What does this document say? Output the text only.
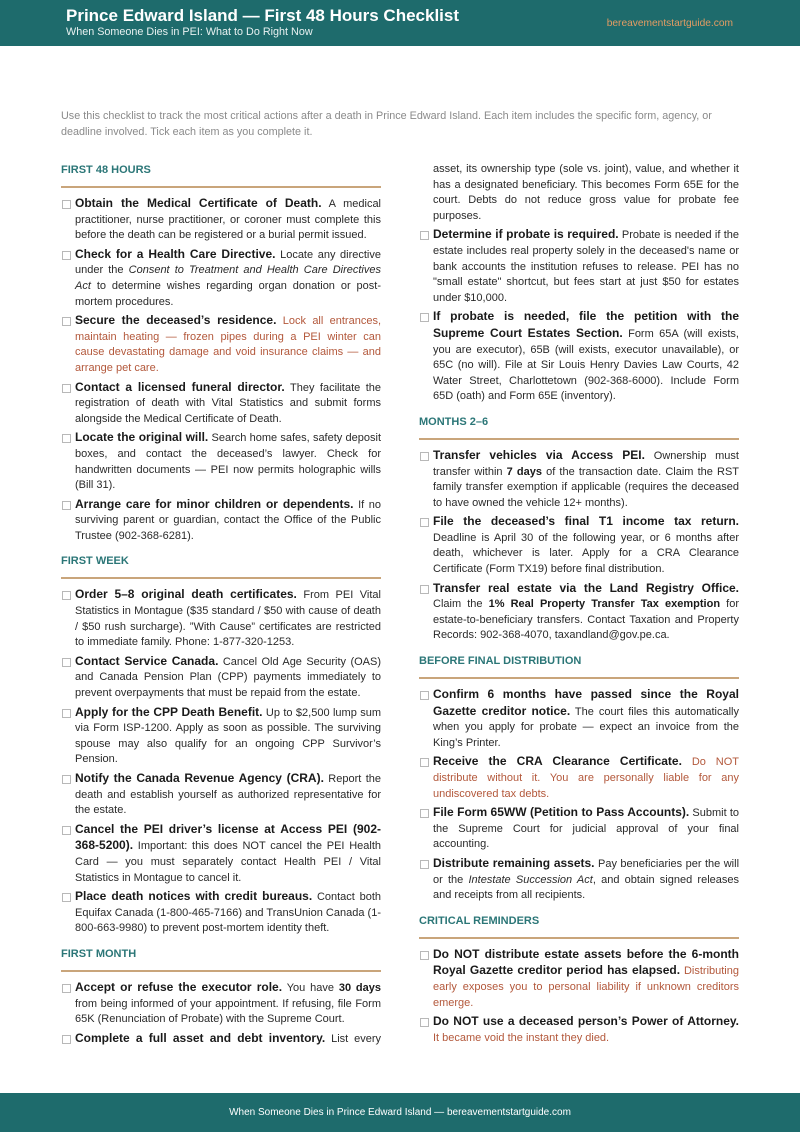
Prince Edward Island — First 48 Hours Checklist
When Someone Dies in PEI: What to Do Right Now
bereavementstartguide.com

Use this checklist to track the most critical actions after a death in Prince Edward Island. Each item includes the specific form, agency, or deadline involved. Tick each item as you complete it.

FIRST 48 HOURS

Obtain the Medical Certificate of Death. A medical practitioner, nurse practitioner, or coroner must complete this before the death can be registered or a burial permit issued.

Check for a Health Care Directive. Locate any directive under the Consent to Treatment and Health Care Directives Act to determine wishes regarding organ donation or post-mortem procedures.

Secure the deceased’s residence. Lock all entrances, maintain heating — frozen pipes during a PEI winter can cause devastating damage and void insurance claims — and arrange pet care.

Contact a licensed funeral director. They facilitate the registration of death with Vital Statistics and submit forms alongside the Medical Certificate of Death.

Locate the original will. Search home safes, safety deposit boxes, and contact the deceased’s lawyer. Check for handwritten documents — PEI now permits holographic wills (Bill 31).

Arrange care for minor children or dependents. If no surviving parent or guardian, contact the Office of the Public Trustee (902-368-6281).

FIRST WEEK

Order 5–8 original death certificates. From PEI Vital Statistics in Montague ($35 standard / $50 with cause of death / $50 rush surcharge). ”With Cause” certificates are restricted to immediate family. Phone: 1-877-320-1253.

Contact Service Canada. Cancel Old Age Security (OAS) and Canada Pension Plan (CPP) payments immediately to prevent overpayments that must be repaid from the estate.

Apply for the CPP Death Benefit. Up to $2,500 lump sum via Form ISP-1200. Apply as soon as possible. The surviving spouse may also qualify for an ongoing CPP Survivor’s Pension.

Notify the Canada Revenue Agency (CRA). Report the death and establish yourself as authorized representative for the estate.

Cancel the PEI driver’s license at Access PEI (902-368-5200). Important: this does NOT cancel the PEI Health Card — you must separately contact Health PEI / Vital Statistics in Montague to cancel it.

Place death notices with credit bureaus. Contact both Equifax Canada (1-800-465-7166) and TransUnion Canada (1-800-663-9980) to prevent post-mortem identity theft.

FIRST MONTH

Accept or refuse the executor role. You have 30 days from being informed of your appointment. If refusing, file Form 65K (Renunciation of Probate) with the Supreme Court.

Complete a full asset and debt inventory. List every

asset, its ownership type (sole vs. joint), value, and whether it has a designated beneficiary. This becomes Form 65E for the court. Debts do not reduce gross value for probate fee purposes.

Determine if probate is required. Probate is needed if the estate includes real property solely in the deceased's name or bank accounts the institution refuses to release. PEI has no "small estate" shortcut, but fees start at just $50 for estates under $10,000.

If probate is needed, file the petition with the Supreme Court Estates Section. Form 65A (will exists, you are executor), 65B (will exists, executor unavailable), or 65C (no will). File at Sir Louis Henry Davies Law Courts, 42 Water Street, Charlottetown (902-368-6000). Include Form 65D (oath) and Form 65E (inventory).

MONTHS 2–6

Transfer vehicles via Access PEI. Ownership must transfer within 7 days of the transaction date. Claim the RST family transfer exemption if applicable (requires the deceased to have owned the vehicle 12+ months).

File the deceased’s final T1 income tax return. Deadline is April 30 of the following year, or 6 months after death, whichever is later. Apply for a CRA Clearance Certificate (Form TX19) before final distribution.

Transfer real estate via the Land Registry Office. Claim the 1% Real Property Transfer Tax exemption for estate-to-beneficiary transfers. Contact Taxation and Property Records: 902-368-4070, taxandland@gov.pe.ca.

BEFORE FINAL DISTRIBUTION

Confirm 6 months have passed since the Royal Gazette creditor notice. The court files this automatically when you apply for probate — expect an invoice from the King’s Printer.

Receive the CRA Clearance Certificate. Do NOT distribute without it. You are personally liable for any undiscovered tax debts.

File Form 65WW (Petition to Pass Accounts). Submit to the Supreme Court for judicial approval of your final accounting.

Distribute remaining assets. Pay beneficiaries per the will or the Intestate Succession Act, and obtain signed releases and receipts from all recipients.

CRITICAL REMINDERS

Do NOT distribute estate assets before the 6-month Royal Gazette creditor period has elapsed. Distributing early exposes you to personal liability if unknown creditors emerge.

Do NOT use a deceased person’s Power of Attorney. It became void the instant they died.

When Someone Dies in Prince Edward Island — bereavementstartguide.com
